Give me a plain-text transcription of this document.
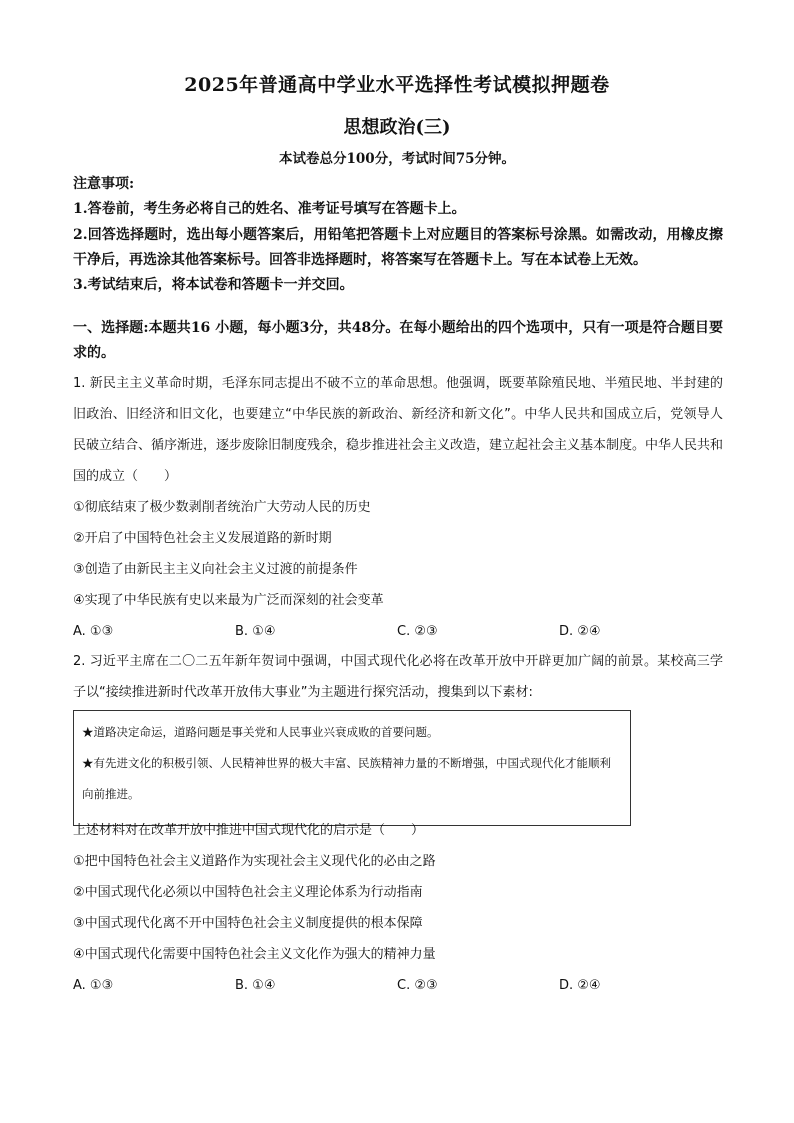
2025年普通高中学业水平选择性考试模拟押题卷
思想政治(三)
本试卷总分100分，考试时间75分钟。

注意事项:

1.答卷前，考生务必将自己的姓名、准考证号填写在答题卡上。

2.回答选择题时，选出每小题答案后，用铅笔把答题卡上对应题目的答案标号涂黑。如需改动，用橡皮擦干净后，再选涂其他答案标号。回答非选择题时，将答案写在答题卡上。写在本试卷上无效。

3.考试结束后，将本试卷和答题卡一并交回。

一、选择题:本题共16 小题，每小题3分，共48分。在每小题给出的四个选项中，只有一项是符合题目要求的。

1. 新民主主义革命时期，毛泽东同志提出不破不立的革命思想。他强调，既要革除殖民地、半殖民地、半封建的旧政治、旧经济和旧文化，也要建立“中华民族的新政治、新经济和新文化”。中华人民共和国成立后，党领导人民破立结合、循序渐进，逐步废除旧制度残余，稳步推进社会主义改造，建立起社会主义基本制度。中华人民共和国的成立（　　）

①彻底结束了极少数剥削者统治广大劳动人民的历史

②开启了中国特色社会主义发展道路的新时期

③创造了由新民主主义向社会主义过渡的前提条件

④实现了中华民族有史以来最为广泛而深刻的社会变革

A. ①③	B. ①④	C. ②③	D. ②④
2. 习近平主席在二〇二五年新年贺词中强调，中国式现代化必将在改革开放中开辟更加广阔的前景。某校高三学子以“接续推进新时代改革开放伟大事业”为主题进行探究活动，搜集到以下素材:

★道路决定命运，道路问题是事关党和人民事业兴衰成败的首要问题。

★有先进文化的积极引领、人民精神世界的极大丰富、民族精神力量的不断增强，中国式现代化才能顺利向前推进。

上述材料对在改革开放中推进中国式现代化的启示是（　　）

①把中国特色社会主义道路作为实现社会主义现代化的必由之路

②中国式现代化必须以中国特色社会主义理论体系为行动指南

③中国式现代化离不开中国特色社会主义制度提供的根本保障

④中国式现代化需要中国特色社会主义文化作为强大的精神力量

A. ①③	B. ①④	C. ②③	D. ②④
